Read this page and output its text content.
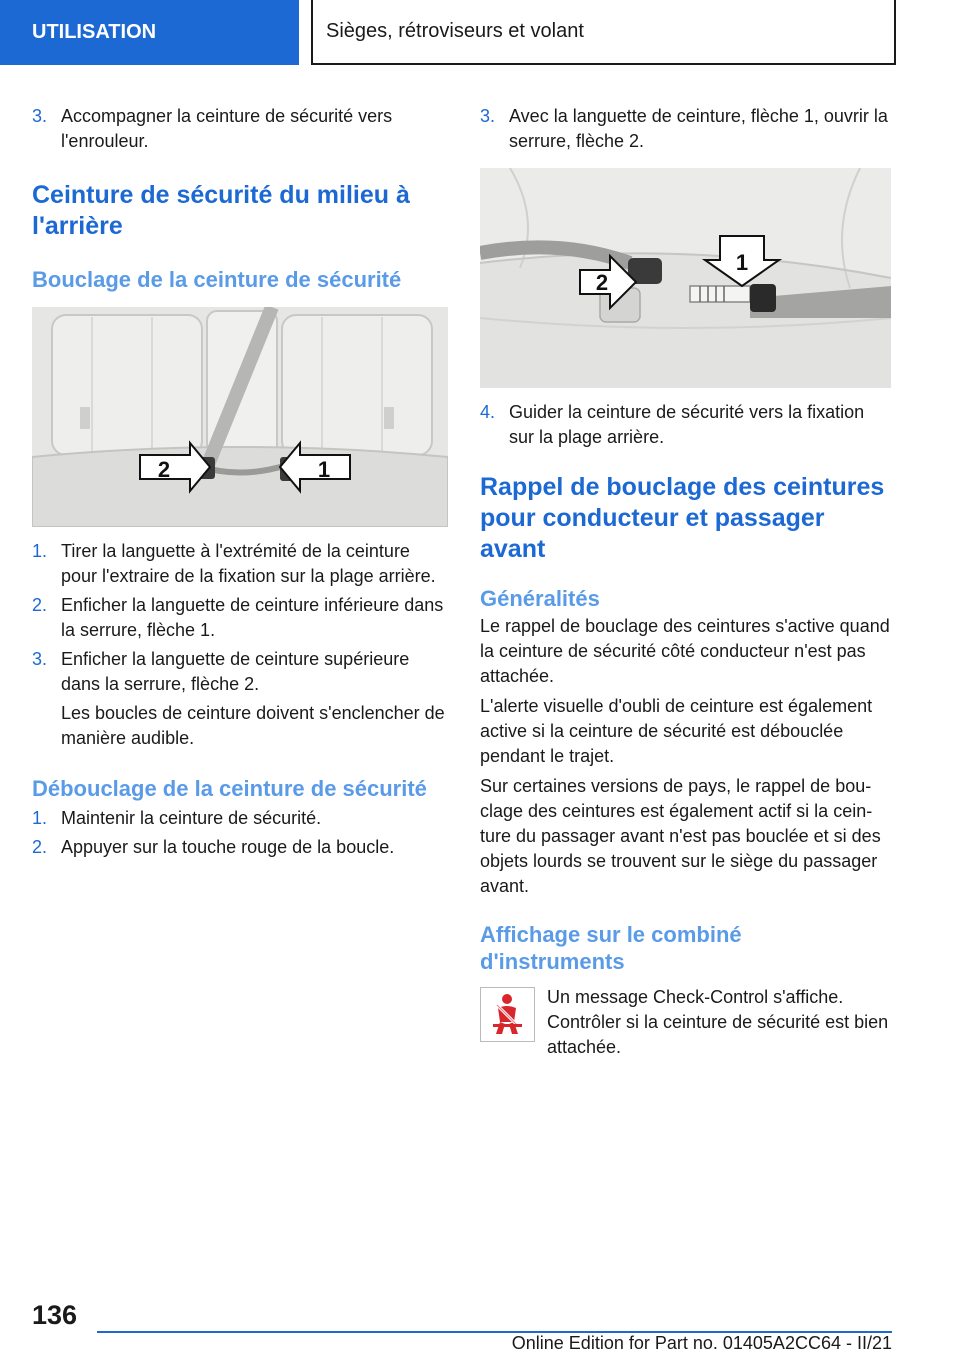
UTILISATION	Sièges, rétroviseurs et volant
3. Accompagner la ceinture de sécurité vers l'enrouleur.
Ceinture de sécurité du milieu à l'arrière
Bouclage de la ceinture de sécurité
2	1
1. Tirer la languette à l'extrémité de la ceinture pour l'extraire de la fixation sur la plage arrière.
2. Enficher la languette de ceinture inférieure dans la serrure, flèche 1.
3. Enficher la languette de ceinture supérieure dans la serrure, flèche 2.
Les boucles de ceinture doivent s'enclencher de manière audible.
Débouclage de la ceinture de sécurité
1. Maintenir la ceinture de sécurité.
2. Appuyer sur la touche rouge de la boucle.
3. Avec la languette de ceinture, flèche 1, ouvrir la serrure, flèche 2.
1
2
4. Guider la ceinture de sécurité vers la fixation sur la plage arrière.
Rappel de bouclage des ceintures pour conducteur et passager avant
Généralités

Le rappel de bouclage des ceintures s'active quand la ceinture de sécurité côté conducteur n'est pas attachée.

L'alerte visuelle d'oubli de ceinture est également active si la ceinture de sécurité est débouclée pendant le trajet.

Sur certaines versions de pays, le rappel de bouclage des ceintures est également actif si la ceinture du passager avant n'est pas bouclée et si des objets lourds se trouvent sur le siège du passager avant.

Affichage sur le combiné d'instruments
Un message Check-Control s'affiche. Contrôler si la ceinture de sécurité est bien attachée.
136
Online Edition for Part no. 01405A2CC64 - II/21
